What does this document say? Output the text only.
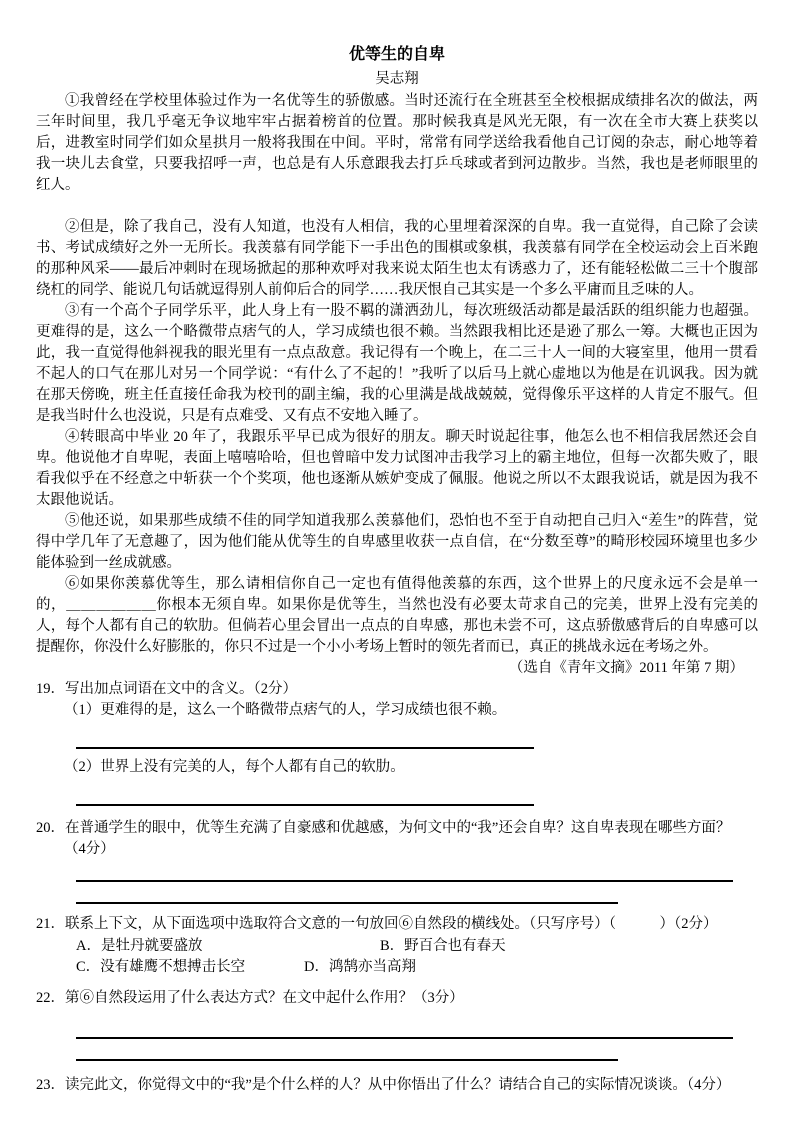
优等生的自卑
吴志翔

①我曾经在学校里体验过作为一名优等生的骄傲感。当时还流行在全班甚至全校根据成绩排名次的做法，两三年时间里，我几乎毫无争议地牢牢占据着榜首的位置。那时候我真是风光无限，有一次在全市大赛上获奖以后，进教室时同学们如众星拱月一般将我围在中间。平时，常常有同学送给我看他自己订阅的杂志，耐心地等着我一块儿去食堂，只要我招呼一声，也总是有人乐意跟我去打乒乓球或者到河边散步。当然，我也是老师眼里的红人。

②但是，除了我自己，没有人知道，也没有人相信，我的心里埋着深深的自卑。我一直觉得，自己除了会读书、考试成绩好之外一无所长。我羡慕有同学能下一手出色的围棋或象棋，我羡慕有同学在全校运动会上百米跑的那种风采——最后冲刺时在现场掀起的那种欢呼对我来说太陌生也太有诱惑力了，还有能轻松做二三十个腹部绕杠的同学、能说几句话就逗得别人前仰后合的同学……我厌恨自己其实是一个多么平庸而且乏味的人。

③有一个高个子同学乐平，此人身上有一股不羁的潇洒劲儿，每次班级活动都是最活跃的组织能力也超强。更难得的是，这么一个略微带点痞气的人，学习成绩也很不赖。当然跟我相比还是逊了那么一筹。大概也正因为此，我一直觉得他斜视我的眼光里有一点点敌意。我记得有一个晚上，在二三十人一间的大寝室里，他用一贯看不起人的口气在那儿对另一个同学说：“有什么了不起的！”我听了以后马上就心虚地以为他是在讥讽我。因为就在那天傍晚，班主任直接任命我为校刊的副主编，我的心里满是战战兢兢，觉得像乐平这样的人肯定不服气。但是我当时什么也没说，只是有点难受、又有点不安地入睡了。

④转眼高中毕业 20 年了，我跟乐平早已成为很好的朋友。聊天时说起往事，他怎么也不相信我居然还会自卑。他说他才自卑呢，表面上嘻嘻哈哈，但也曾暗中发力试图冲击我学习上的霸主地位，但每一次都失败了，眼看我似乎在不经意之中斩获一个个奖项，他也逐渐从嫉妒变成了佩服。他说之所以不太跟我说话，就是因为我不太跟他说话。

⑤他还说，如果那些成绩不佳的同学知道我那么羡慕他们，恐怕也不至于自动把自己归入“差生”的阵营，觉得中学几年了无意趣了，因为他们能从优等生的自卑感里收获一点自信，在“分数至尊”的畸形校园环境里也多少能体验到一丝成就感。

⑥如果你羡慕优等生，那么请相信你自己一定也有值得他羡慕的东西，这个世界上的尺度永远不会是单一的，＿＿＿＿＿＿你根本无须自卑。如果你是优等生，当然也没有必要太苛求自己的完美，世界上没有完美的人，每个人都有自己的软肋。但倘若心里会冒出一点点的自卑感，那也未尝不可，这点骄傲感背后的自卑感可以提醒你，你没什么好膨胀的，你只不过是一个小小考场上暂时的领先者而已，真正的挑战永远在考场之外。

（选自《青年文摘》2011 年第 7 期）
19．写出加点词语在文中的含义。（2分）
（1）更难得的是，这么一个略微带点痞气的人，学习成绩也很不赖。
（2）世界上没有完美的人，每个人都有自己的软肋。
20．在普通学生的眼中，优等生充满了自豪感和优越感，为何文中的“我”还会自卑？这自卑表现在哪些方面？
（4分）
21．联系上下文，从下面选项中选取符合文意的一句放回⑥自然段的横线处。（只写序号）（　　　）（2分）
A．是牡丹就要盛放	B．野百合也有春天
C．没有雄鹰不想搏击长空	D．鸿鹄亦当高翔
22．第⑥自然段运用了什么表达方式？在文中起什么作用？（3分）
23．读完此文，你觉得文中的“我”是个什么样的人？从中你悟出了什么？请结合自己的实际情况谈谈。（4分）
